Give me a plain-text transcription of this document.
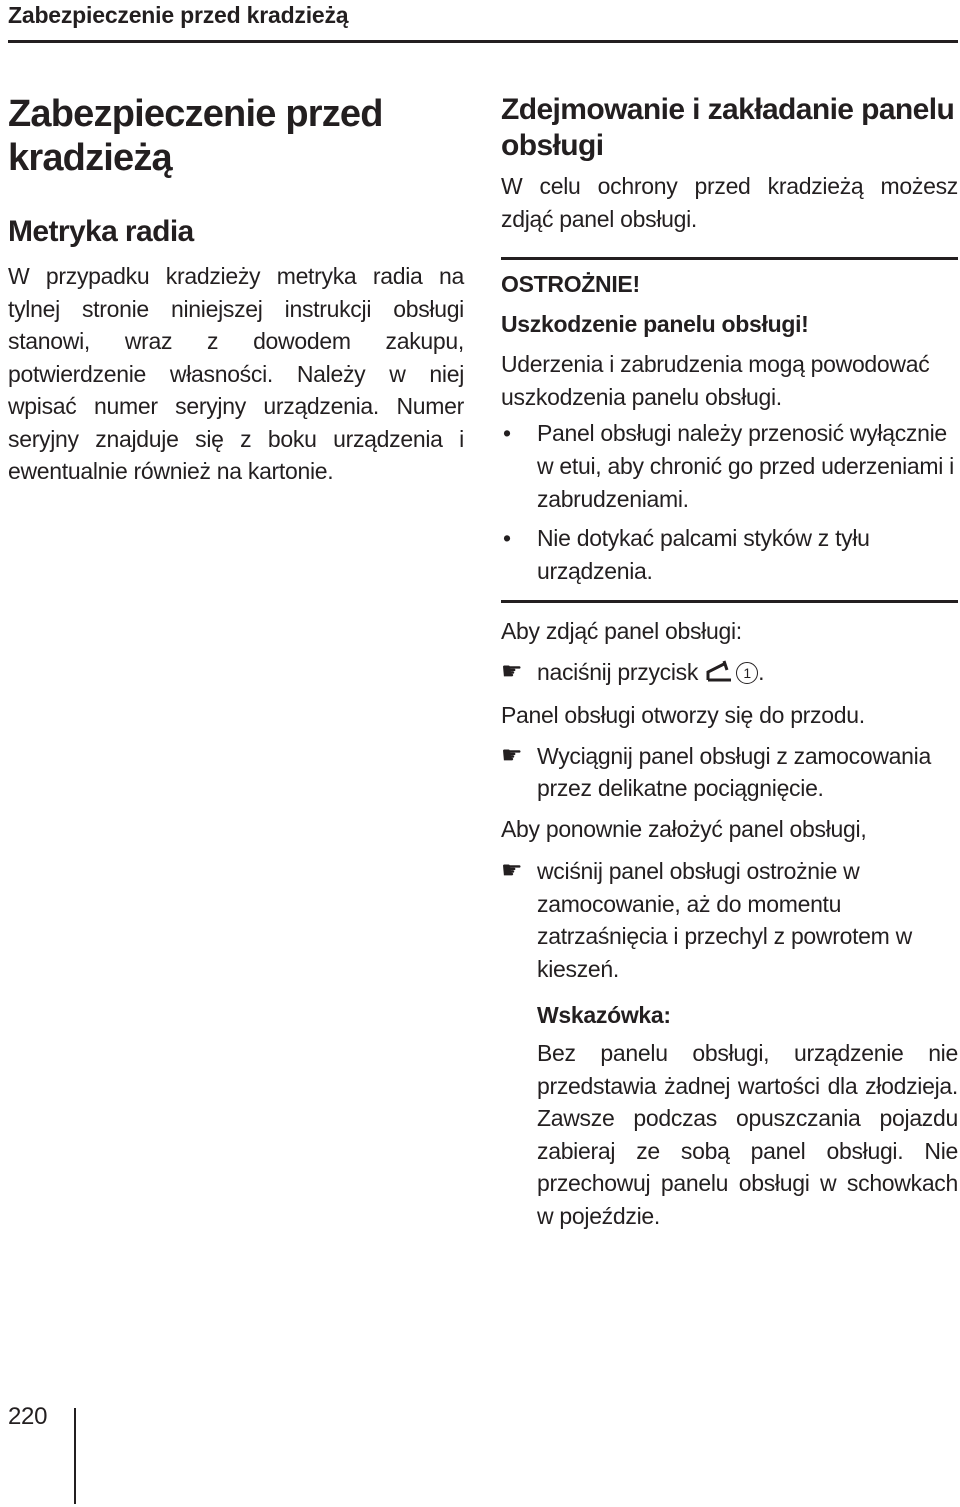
Zabezpieczenie przed kradzieżą
Zabezpieczenie przed
kradzieżą
Metryka radia

W przypadku kradzieży metryka radia na tylnej stronie niniejszej instrukcji obsługi stanowi, wraz z dowodem zakupu, potwierdzenie własności. Należy w niej wpisać numer seryjny urządzenia. Numer seryjny znajduje się z boku urządzenia i ewentualnie również na kartonie.

Zdejmowanie i zakładanie panelu obsługi

W celu ochrony przed kradzieżą możesz zdjąć panel obsługi.

OSTROŻNIE!
Uszkodzenie panelu obsługi!

Uderzenia i zabrudzenia mogą powodować uszkodzenia panelu obsługi.

• Panel obsługi należy przenosić wyłącznie w etui, aby chronić go przed uderzeniami i zabrudzeniami.
• Nie dotykać palcami styków z tyłu urządzenia.

Aby zdjąć panel obsługi:

☛ naciśnij przycisk	1 .

Panel obsługi otworzy się do przodu.

☛ Wyciągnij panel obsługi z zamocowania przez delikatne pociągnięcie.

Aby ponownie założyć panel obsługi,

☛ wciśnij panel obsługi ostrożnie w zamocowanie, aż do momentu zatrzaśnięcia i przechyl z powrotem w kieszeń.
Wskazówka:

Bez panelu obsługi, urządzenie nie przedstawia żadnej wartości dla złodzieja. Zawsze podczas opuszczania pojazdu zabieraj ze sobą panel obsługi. Nie przechowuj panelu obsługi w schowkach w pojeździe.

220
